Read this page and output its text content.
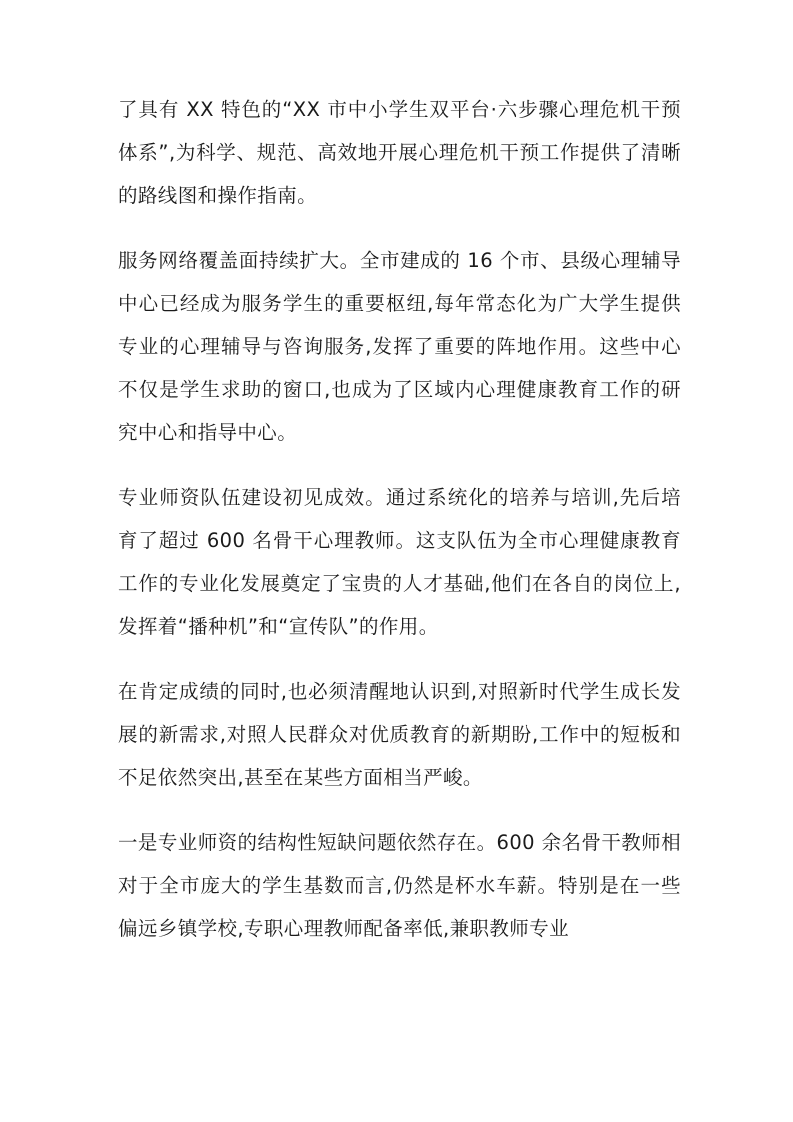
了具有 XX 特色的“XX 市中小学生双平台·六步骤心理危机干预体系”,为科学、规范、高效地开展心理危机干预工作提供了清晰的路线图和操作指南。

服务网络覆盖面持续扩大。全市建成的 16 个市、县级心理辅导中心已经成为服务学生的重要枢纽,每年常态化为广大学生提供专业的心理辅导与咨询服务,发挥了重要的阵地作用。这些中心不仅是学生求助的窗口,也成为了区域内心理健康教育工作的研究中心和指导中心。

专业师资队伍建设初见成效。通过系统化的培养与培训,先后培育了超过 600 名骨干心理教师。这支队伍为全市心理健康教育工作的专业化发展奠定了宝贵的人才基础,他们在各自的岗位上,发挥着“播种机”和“宣传队”的作用。

在肯定成绩的同时,也必须清醒地认识到,对照新时代学生成长发展的新需求,对照人民群众对优质教育的新期盼,工作中的短板和不足依然突出,甚至在某些方面相当严峻。

一是专业师资的结构性短缺问题依然存在。600 余名骨干教师相对于全市庞大的学生基数而言,仍然是杯水车薪。特别是在一些偏远乡镇学校,专职心理教师配备率低,兼职教师专业
